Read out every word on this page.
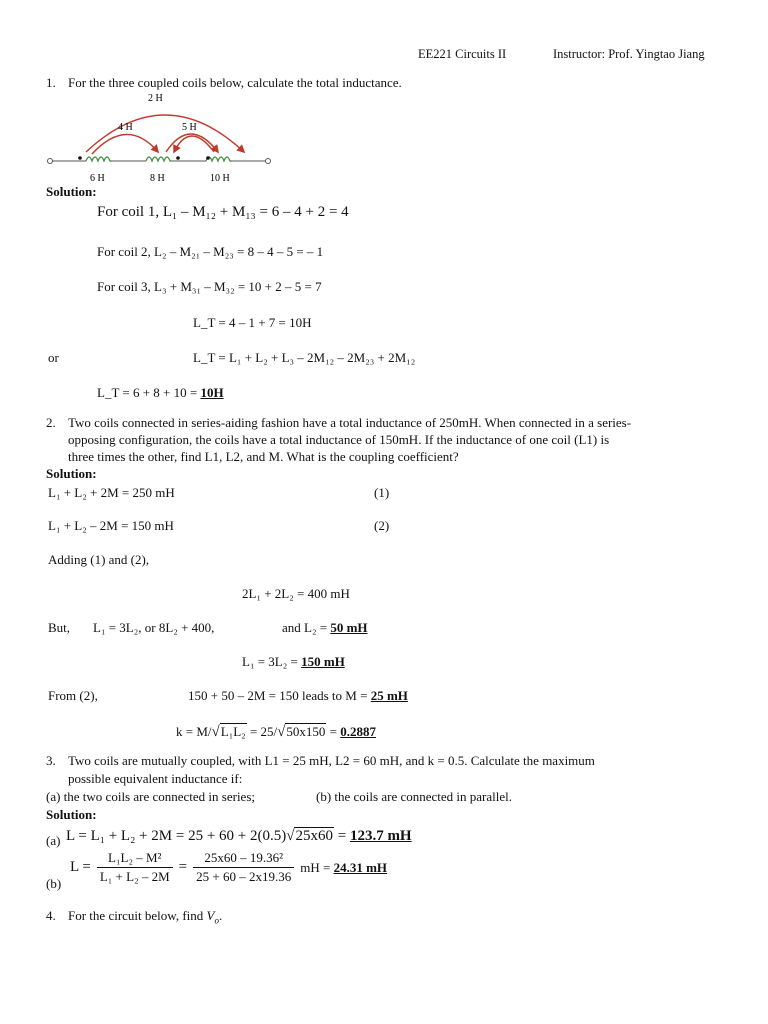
EE221 Circuits II	Instructor: Prof. Yingtao Jiang
1. For the three coupled coils below, calculate the total inductance.
2 H
4 H	5 H
6 H	8 H	10 H
Solution:
For coil 1, L₁ – M₁₂ + M₁₃ = 6 – 4 + 2 = 4
For coil 2, L₂ – M₂₁ – M₂₃ = 8 – 4 – 5 = – 1
For coil 3, L₃ + M₃₁ – M₃₂ = 10 + 2 – 5 = 7
L_T = 4 – 1 + 7 = 10H
or	L_T = L₁ + L₂ + L₃ – 2M₁₂ – 2M₂₃ + 2M₁₂
L_T = 6 + 8 + 10 = 10H
2. Two coils connected in series-aiding fashion have a total inductance of 250mH. When connected in a series-
opposing configuration, the coils have a total inductance of 150mH. If the inductance of one coil (L1) is
three times the other, find L1, L2, and M. What is the coupling coefficient?
Solution:
L₁ + L₂ + 2M = 250 mH	(1)
L₁ + L₂ – 2M = 150 mH	(2)
Adding (1) and (2),
2L₁ + 2L₂ = 400 mH
But, L₁ = 3L₂, or 8L₂ + 400,	and L₂ = 50 mH
L₁ = 3L₂ = 150 mH
From (2),	150 + 50 – 2M = 150 leads to M = 25 mH
k = M/√L₁L₂ = 25/√50x150 = 0.2887
3. Two coils are mutually coupled, with L1 = 25 mH, L2 = 60 mH, and k = 0.5. Calculate the maximum
possible equivalent inductance if:
(a) the two coils are connected in series;	(b) the coils are connected in parallel.
Solution:
(a) L = L₁ + L₂ + 2M = 25 + 60 + 2(0.5)√25x60 = 123.7 mH
(b)
$L = \frac{\text{L₁L₂ – M²}}{\text{L₁ + L₂ – 2M}} = \frac{\text{25x60 – 19.36²}}{25 + 60 - 2x19.36}$ mH = 24.31 mH
4. For the circuit below, find $V_o$.
